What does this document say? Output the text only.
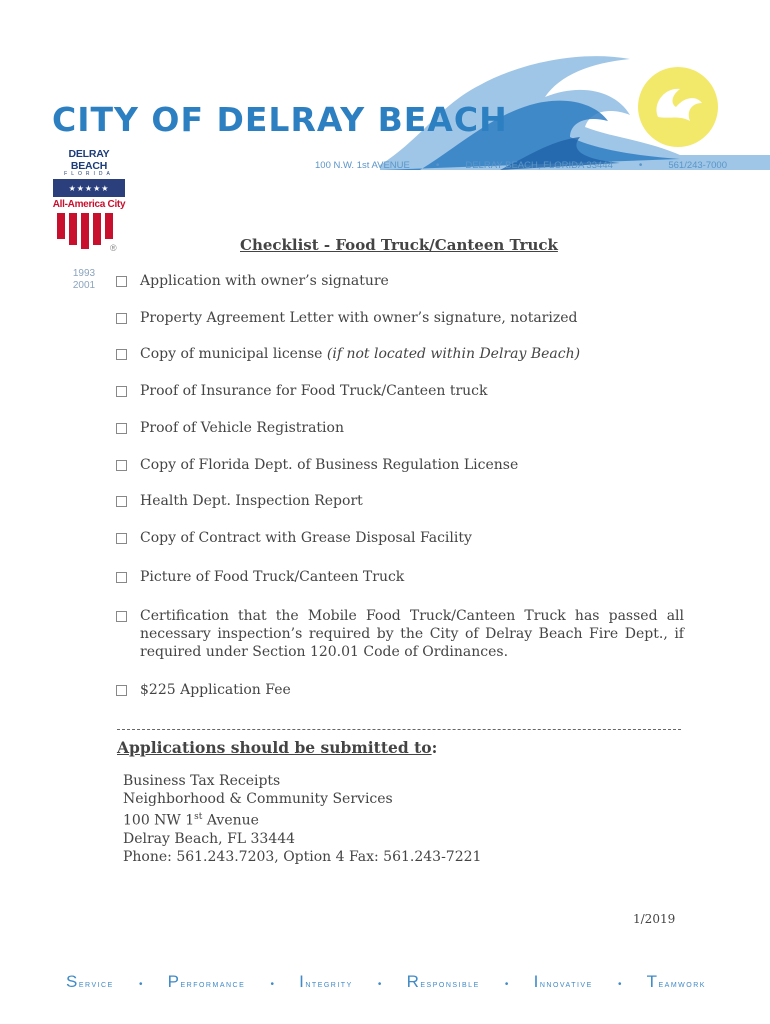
CITY OF DELRAY BEACH
100 N.W. 1st AVENUE	•	DELRAY BEACH, FLORIDA 33444	•	561/243-7000
DELRAY BEACH
FLORIDA
★★★★★
All-America City
®
1993
2001
Checklist - Food Truck/Canteen Truck
Application with owner’s signature
Property Agreement Letter with owner’s signature, notarized
Copy of municipal license (if not located within Delray Beach)
Proof of Insurance for Food Truck/Canteen truck
Proof of Vehicle Registration
Copy of Florida Dept. of Business Regulation License
Health Dept. Inspection Report
Copy of Contract with Grease Disposal Facility
Picture of Food Truck/Canteen Truck
Certification that the Mobile Food Truck/Canteen Truck has passed all necessary inspection’s required by the City of Delray Beach Fire Dept., if required under Section 120.01 Code of Ordinances.
$225 Application Fee
Applications should be submitted to:
Business Tax Receipts
Neighborhood & Community Services
100 NW 1st Avenue
Delray Beach, FL 33444
Phone: 561.243.7203, Option 4 Fax: 561.243-7221
1/2019
Service	• Performance	• Integrity	• Responsible	• Innovative	• Teamwork
